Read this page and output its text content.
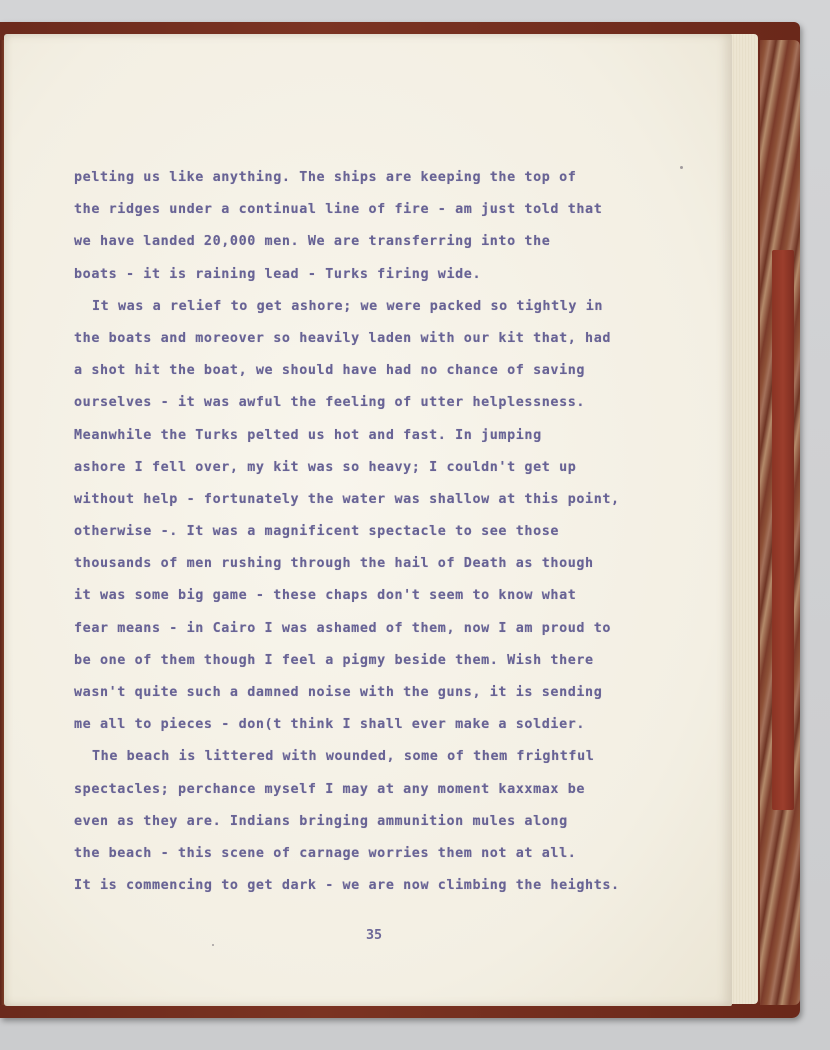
pelting us like anything. The ships are keeping the top of
the ridges under a continual line of fire - am just told that
we have landed 20,000 men. We are transferring into the
boats - it is raining lead - Turks firing wide.
It was a relief to get ashore; we were packed so tightly in
the boats and moreover so heavily laden with our kit that, had
a shot hit the boat, we should have had no chance of saving
ourselves - it was awful the feeling of utter helplessness.
Meanwhile the Turks pelted us hot and fast. In jumping
ashore I fell over, my kit was so heavy; I couldn't get up
without help - fortunately the water was shallow at this point,
otherwise -. It was a magnificent spectacle to see those
thousands of men rushing through the hail of Death as though
it was some big game - these chaps don't seem to know what
fear means - in Cairo I was ashamed of them, now I am proud to
be one of them though I feel a pigmy beside them. Wish there
wasn't quite such a damned noise with the guns, it is sending
me all to pieces - don(t think I shall ever make a soldier.
The beach is littered with wounded, some of them frightful
spectacles; perchance myself I may at any moment kaxxmax be
even as they are. Indians bringing ammunition mules along
the beach - this scene of carnage worries them not at all.
It is commencing to get dark - we are now climbing the heights.
35
